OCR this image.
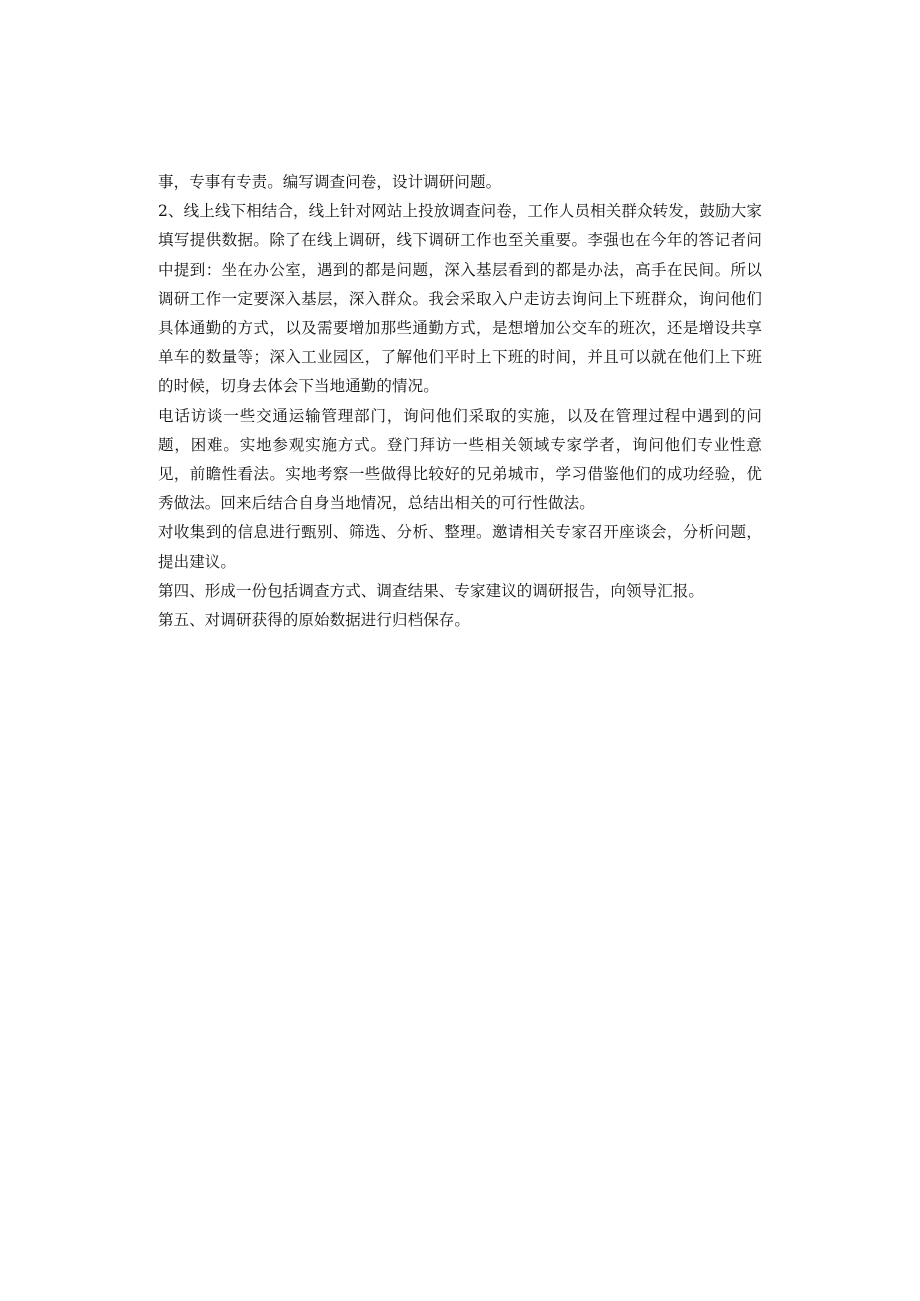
事，专事有专责。编写调查问卷，设计调研问题。

2、线上线下相结合，线上针对网站上投放调查问卷，工作人员相关群众转发，鼓励大家填写提供数据。除了在线上调研，线下调研工作也至关重要。李强也在今年的答记者问中提到：坐在办公室，遇到的都是问题，深入基层看到的都是办法，高手在民间。所以调研工作一定要深入基层，深入群众。我会采取入户走访去询问上下班群众，询问他们具体通勤的方式，以及需要增加那些通勤方式，是想增加公交车的班次，还是增设共享单车的数量等；深入工业园区，了解他们平时上下班的时间，并且可以就在他们上下班的时候，切身去体会下当地通勤的情况。

电话访谈一些交通运输管理部门，询问他们采取的实施，以及在管理过程中遇到的问题，困难。实地参观实施方式。登门拜访一些相关领域专家学者，询问他们专业性意见，前瞻性看法。实地考察一些做得比较好的兄弟城市，学习借鉴他们的成功经验，优秀做法。回来后结合自身当地情况，总结出相关的可行性做法。

对收集到的信息进行甄别、筛选、分析、整理。邀请相关专家召开座谈会，分析问题，提出建议。

第四、形成一份包括调查方式、调查结果、专家建议的调研报告，向领导汇报。

第五、对调研获得的原始数据进行归档保存。
